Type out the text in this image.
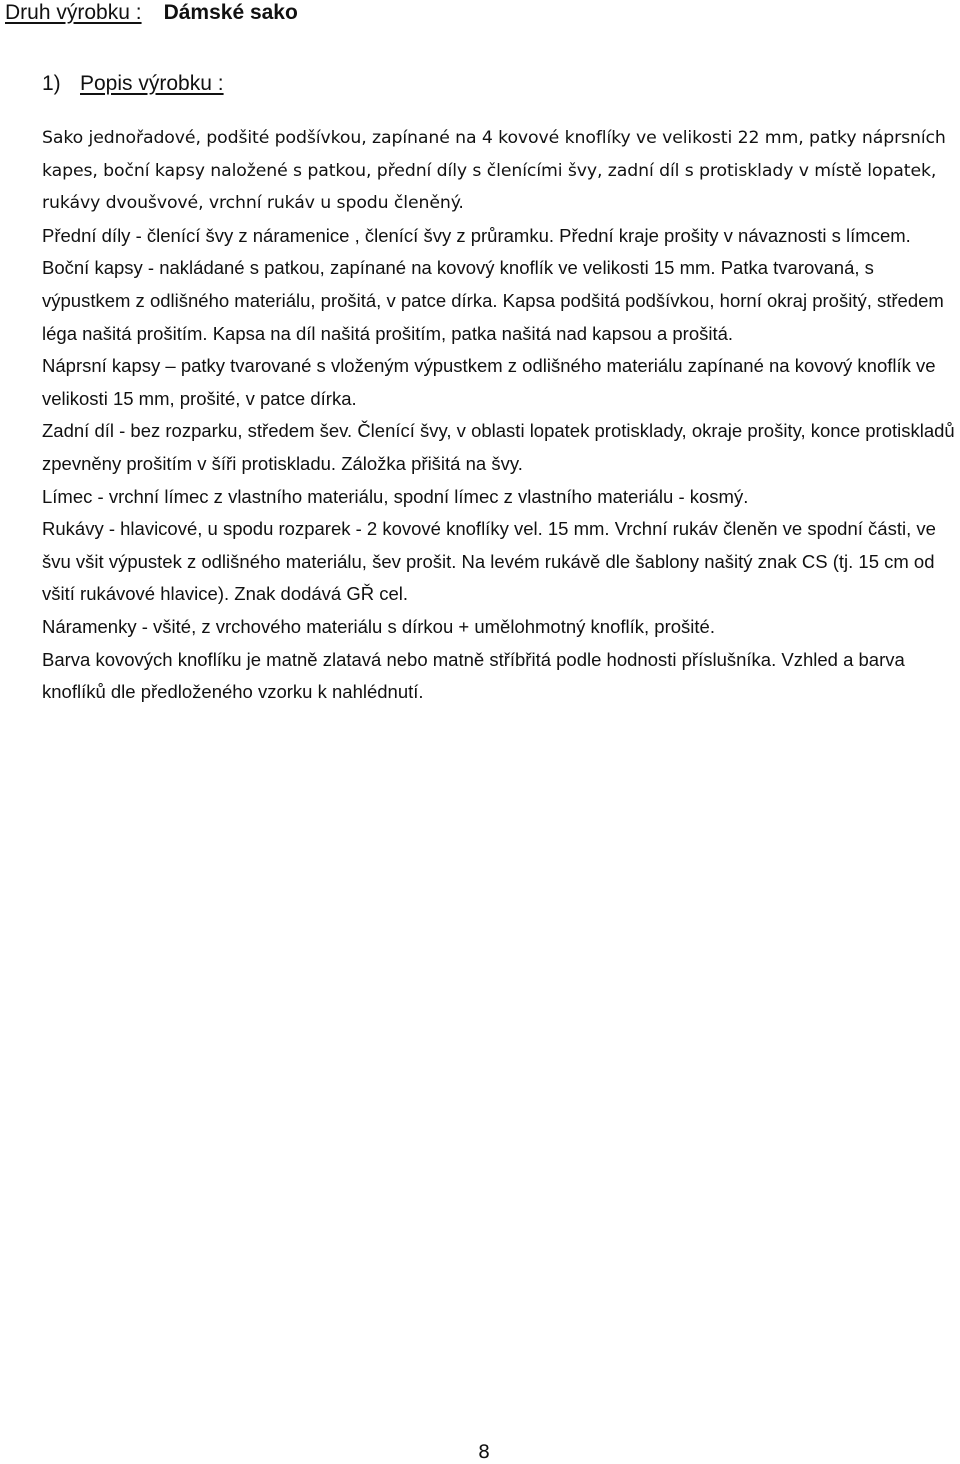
Druh výrobku : Dámské sako
1) Popis výrobku :

Sako jednořadové, podšité podšívkou, zapínané na 4 kovové knoflíky ve velikosti 22 mm, patky náprsních kapes, boční kapsy naložené s patkou, přední díly s členícími švy, zadní díl s protisklady v místě lopatek, rukávy dvoušvové, vrchní rukáv u spodu členěný.

Přední díly - členící švy z náramenice , členící švy z průramku. Přední kraje prošity v návaznosti s límcem.

Boční kapsy - nakládané s patkou, zapínané na kovový knoflík ve velikosti 15 mm. Patka tvarovaná, s výpustkem z odlišného materiálu, prošitá, v patce dírka. Kapsa podšitá podšívkou, horní okraj prošitý, středem léga našitá prošitím. Kapsa na díl našitá prošitím, patka našitá nad kapsou a prošitá.

Náprsní kapsy – patky tvarované s vloženým výpustkem z odlišného materiálu zapínané na kovový knoflík ve velikosti 15 mm, prošité, v patce dírka.

Zadní díl - bez rozparku, středem šev. Členící švy, v oblasti lopatek protisklady, okraje prošity, konce protiskladů zpevněny prošitím v šíři protiskladu. Záložka přišitá na švy.

Límec - vrchní límec z vlastního materiálu, spodní límec z vlastního materiálu - kosmý.

Rukávy - hlavicové, u spodu rozparek - 2 kovové knoflíky vel. 15 mm. Vrchní rukáv členěn ve spodní části, ve švu všit výpustek z odlišného materiálu, šev prošit. Na levém rukávě dle šablony našitý znak CS (tj. 15 cm od všití rukávové hlavice). Znak dodává GŘ cel.

Náramenky - všité, z vrchového materiálu s dírkou + umělohmotný knoflík, prošité.

Barva kovových knoflíku je matně zlatavá nebo matně stříbřitá podle hodnosti příslušníka. Vzhled a barva knoflíků dle předloženého vzorku k nahlédnutí.

8
